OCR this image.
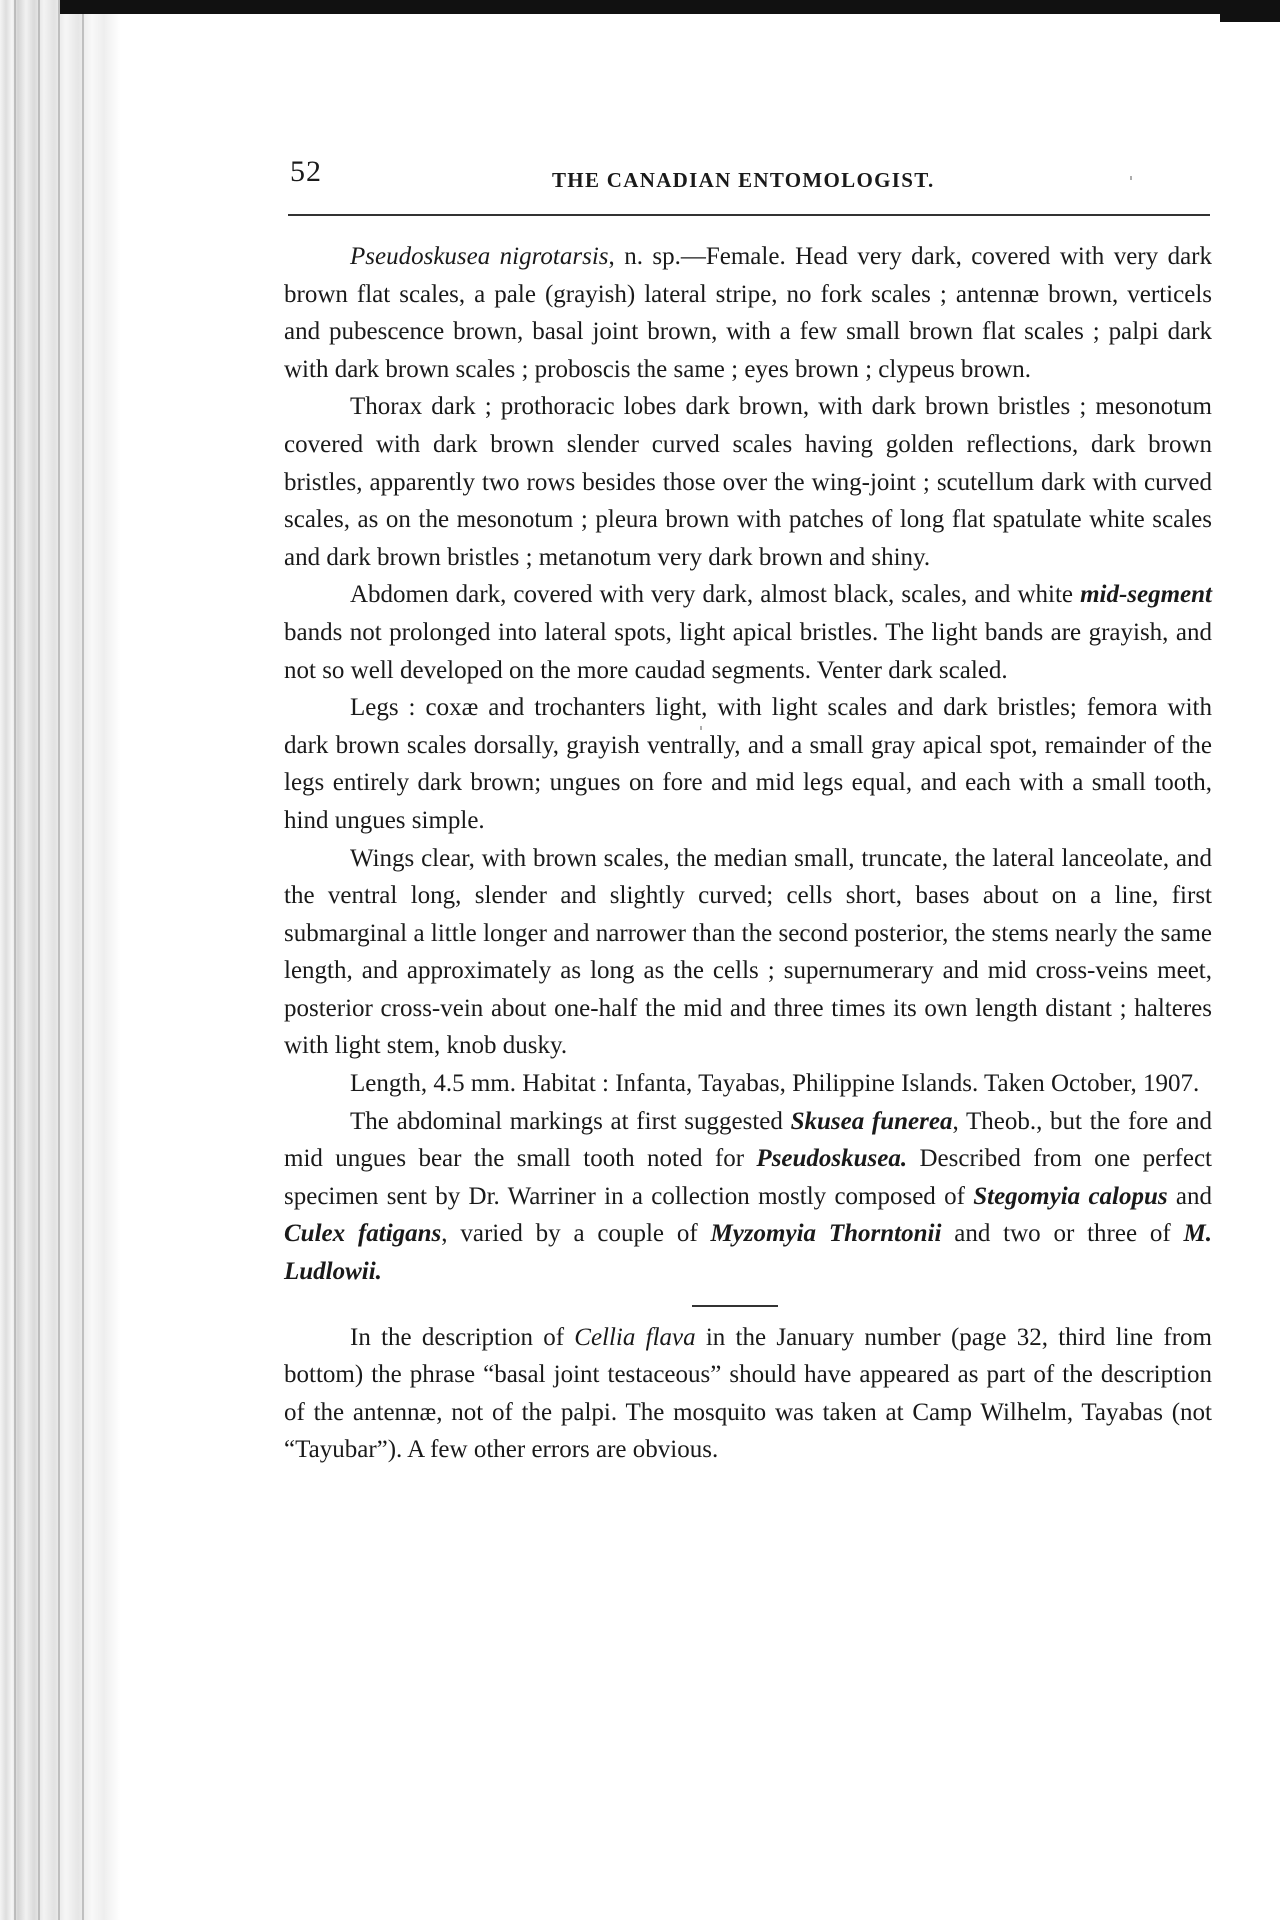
52	THE CANADIAN ENTOMOLOGIST.

Pseudoskusea nigrotarsis, n. sp.—Female. Head very dark, covered with very dark brown flat scales, a pale (grayish) lateral stripe, no fork scales ; antennæ brown, verticels and pubescence brown, basal joint brown, with a few small brown flat scales ; palpi dark with dark brown scales ; proboscis the same ; eyes brown ; clypeus brown.

Thorax dark ; prothoracic lobes dark brown, with dark brown bristles ; mesonotum covered with dark brown slender curved scales having golden reflections, dark brown bristles, apparently two rows besides those over the wing-joint ; scutellum dark with curved scales, as on the mesonotum ; pleura brown with patches of long flat spatulate white scales and dark brown bristles ; metanotum very dark brown and shiny.

Abdomen dark, covered with very dark, almost black, scales, and white mid-segment bands not prolonged into lateral spots, light apical bristles. The light bands are grayish, and not so well developed on the more caudad segments. Venter dark scaled.

Legs : coxæ and trochanters light, with light scales and dark bristles; femora with dark brown scales dorsally, grayish ventrally, and a small gray apical spot, remainder of the legs entirely dark brown; ungues on fore and mid legs equal, and each with a small tooth, hind ungues simple.

Wings clear, with brown scales, the median small, truncate, the lateral lanceolate, and the ventral long, slender and slightly curved; cells short, bases about on a line, first submarginal a little longer and narrower than the second posterior, the stems nearly the same length, and approximately as long as the cells ; supernumerary and mid cross-veins meet, posterior cross-vein about one-half the mid and three times its own length distant ; halteres with light stem, knob dusky.

Length, 4.5 mm. Habitat : Infanta, Tayabas, Philippine Islands. Taken October, 1907.

The abdominal markings at first suggested Skusea funerea, Theob., but the fore and mid ungues bear the small tooth noted for Pseudoskusea. Described from one perfect specimen sent by Dr. Warriner in a collection mostly composed of Stegomyia calopus and Culex fatigans, varied by a couple of Myzomyia Thorntonii and two or three of M. Ludlowii.

In the description of Cellia flava in the January number (page 32, third line from bottom) the phrase “basal joint testaceous” should have appeared as part of the description of the antennæ, not of the palpi. The mosquito was taken at Camp Wilhelm, Tayabas (not “Tayubar”). A few other errors are obvious.
